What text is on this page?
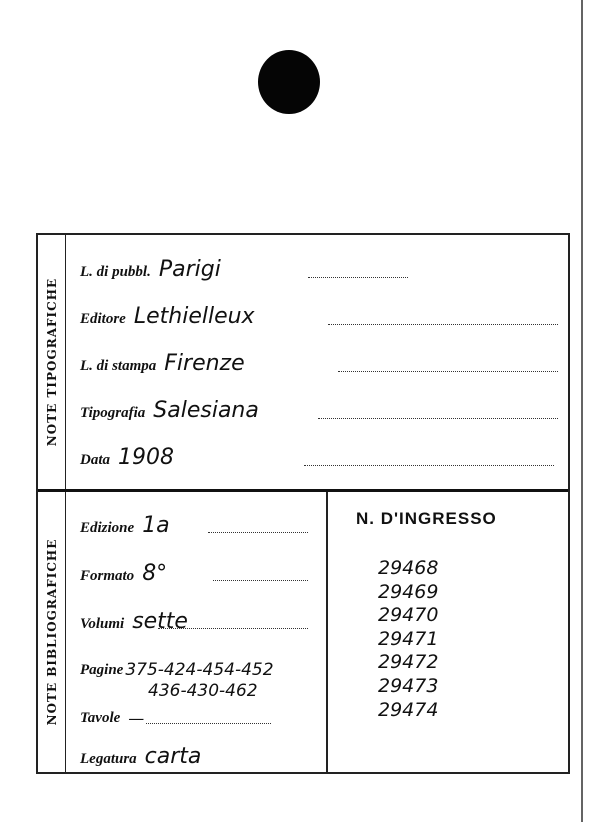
NOTE TIPOGRAFICHE
L. di pubbl. Parigi
Editore Lethielleux
L. di stampa Firenze
Tipografia Salesiana
Data 1908
NOTE BIBLIOGRAFICHE
Edizione 1a
Formato 8°
Volumi sette
Pagine 375-424-454-452
436-430-462
Tavole —
Legatura carta
N. D'INGRESSO
29468
29469
29470
29471
29472
29473
29474
